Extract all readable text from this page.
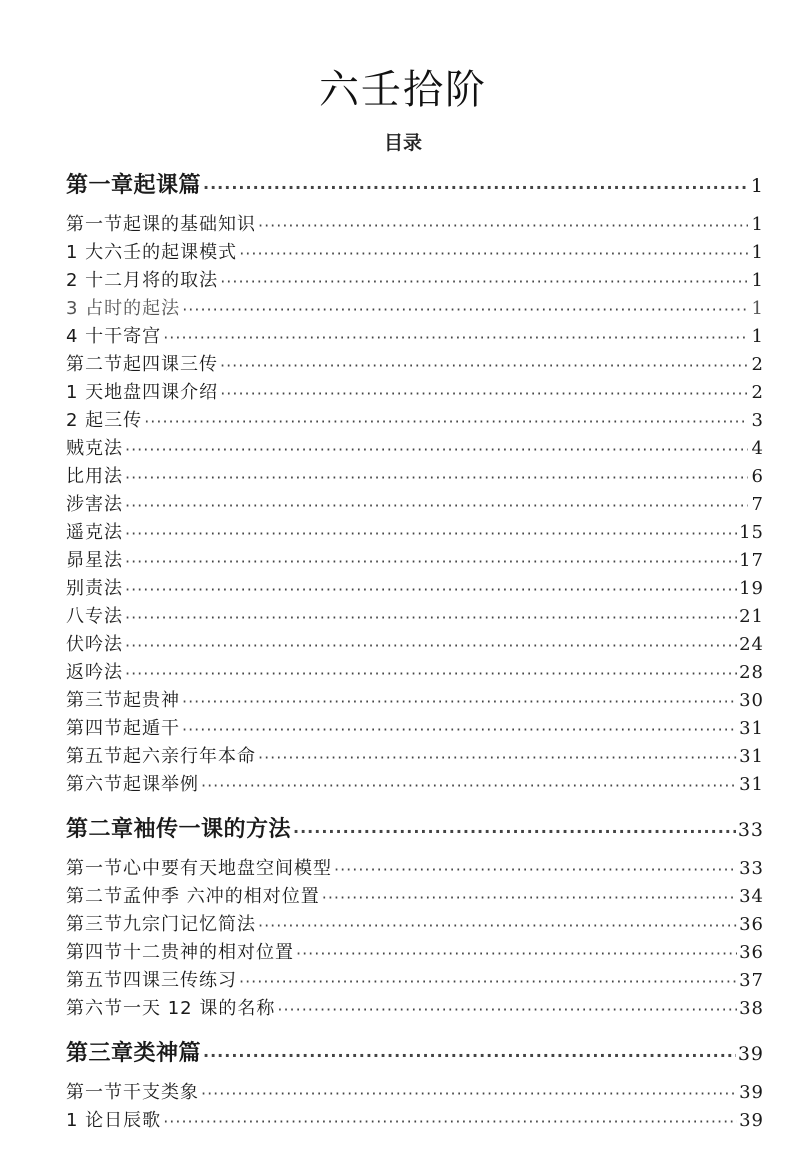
六壬拾阶
目录
第一章起课篇 ·····	1
第一节起课的基础知识 ·····	1
1 大六壬的起课模式 ·····	1
2 十二月将的取法 ·····	1
3 占时的起法 ·····	1
4 十干寄宫 ·····	1
第二节起四课三传 ·····	2
1 天地盘四课介绍 ·····	2
2 起三传 ·····	3
贼克法 ·····	4
比用法 ·····	6
涉害法 ·····	7
遥克法 ·····	15
昴星法 ·····	17
别责法 ·····	19
八专法 ·····	21
伏吟法 ·····	24
返吟法 ·····	28
第三节起贵神 ·····	30
第四节起遁干 ·····	31
第五节起六亲行年本命 ·····	31
第六节起课举例 ·····	31
第二章袖传一课的方法 ·····	33
第一节心中要有天地盘空间模型 ·····	33
第二节孟仲季 六冲的相对位置 ·····	34
第三节九宗门记忆简法 ·····	36
第四节十二贵神的相对位置 ·····	36
第五节四课三传练习 ·····	37
第六节一天 12 课的名称 ·····	38
第三章类神篇 ·····	39
第一节干支类象 ·····	39
1 论日辰歌 ·····	39
